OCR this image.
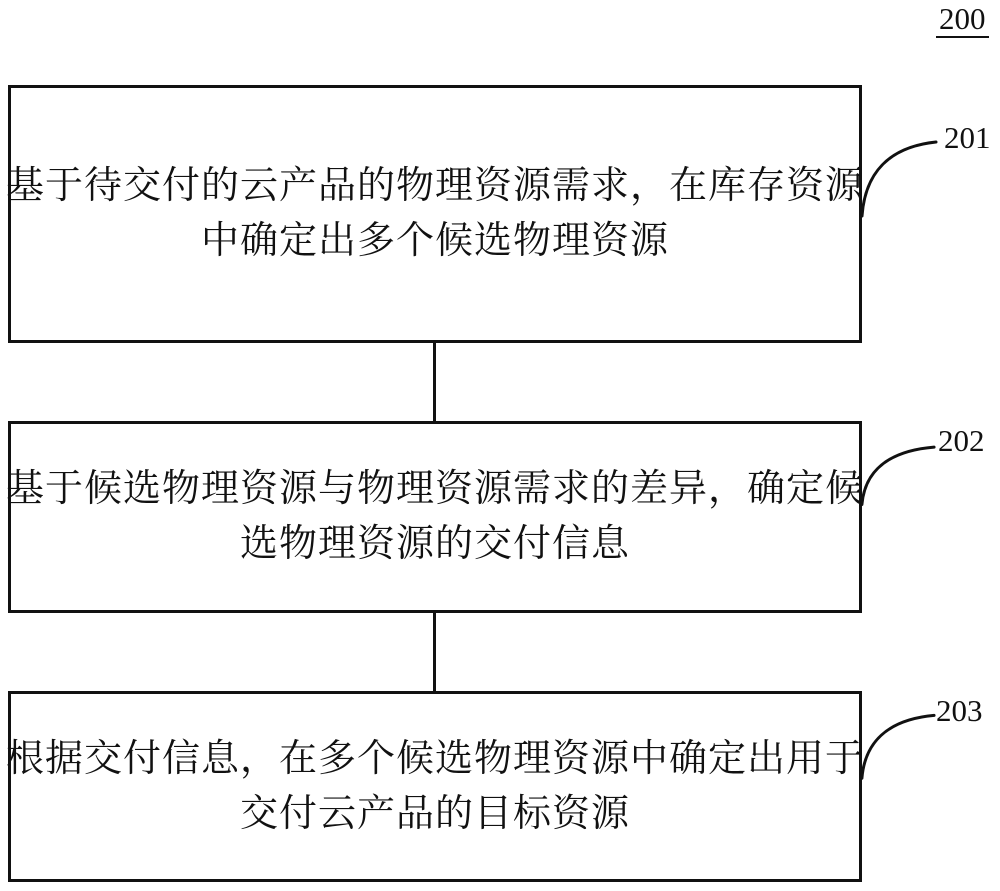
200
基于待交付的云产品的物理资源需求，在库存资源
中确定出多个候选物理资源
基于候选物理资源与物理资源需求的差异，确定候
选物理资源的交付信息
根据交付信息，在多个候选物理资源中确定出用于
交付云产品的目标资源
201
202
203
